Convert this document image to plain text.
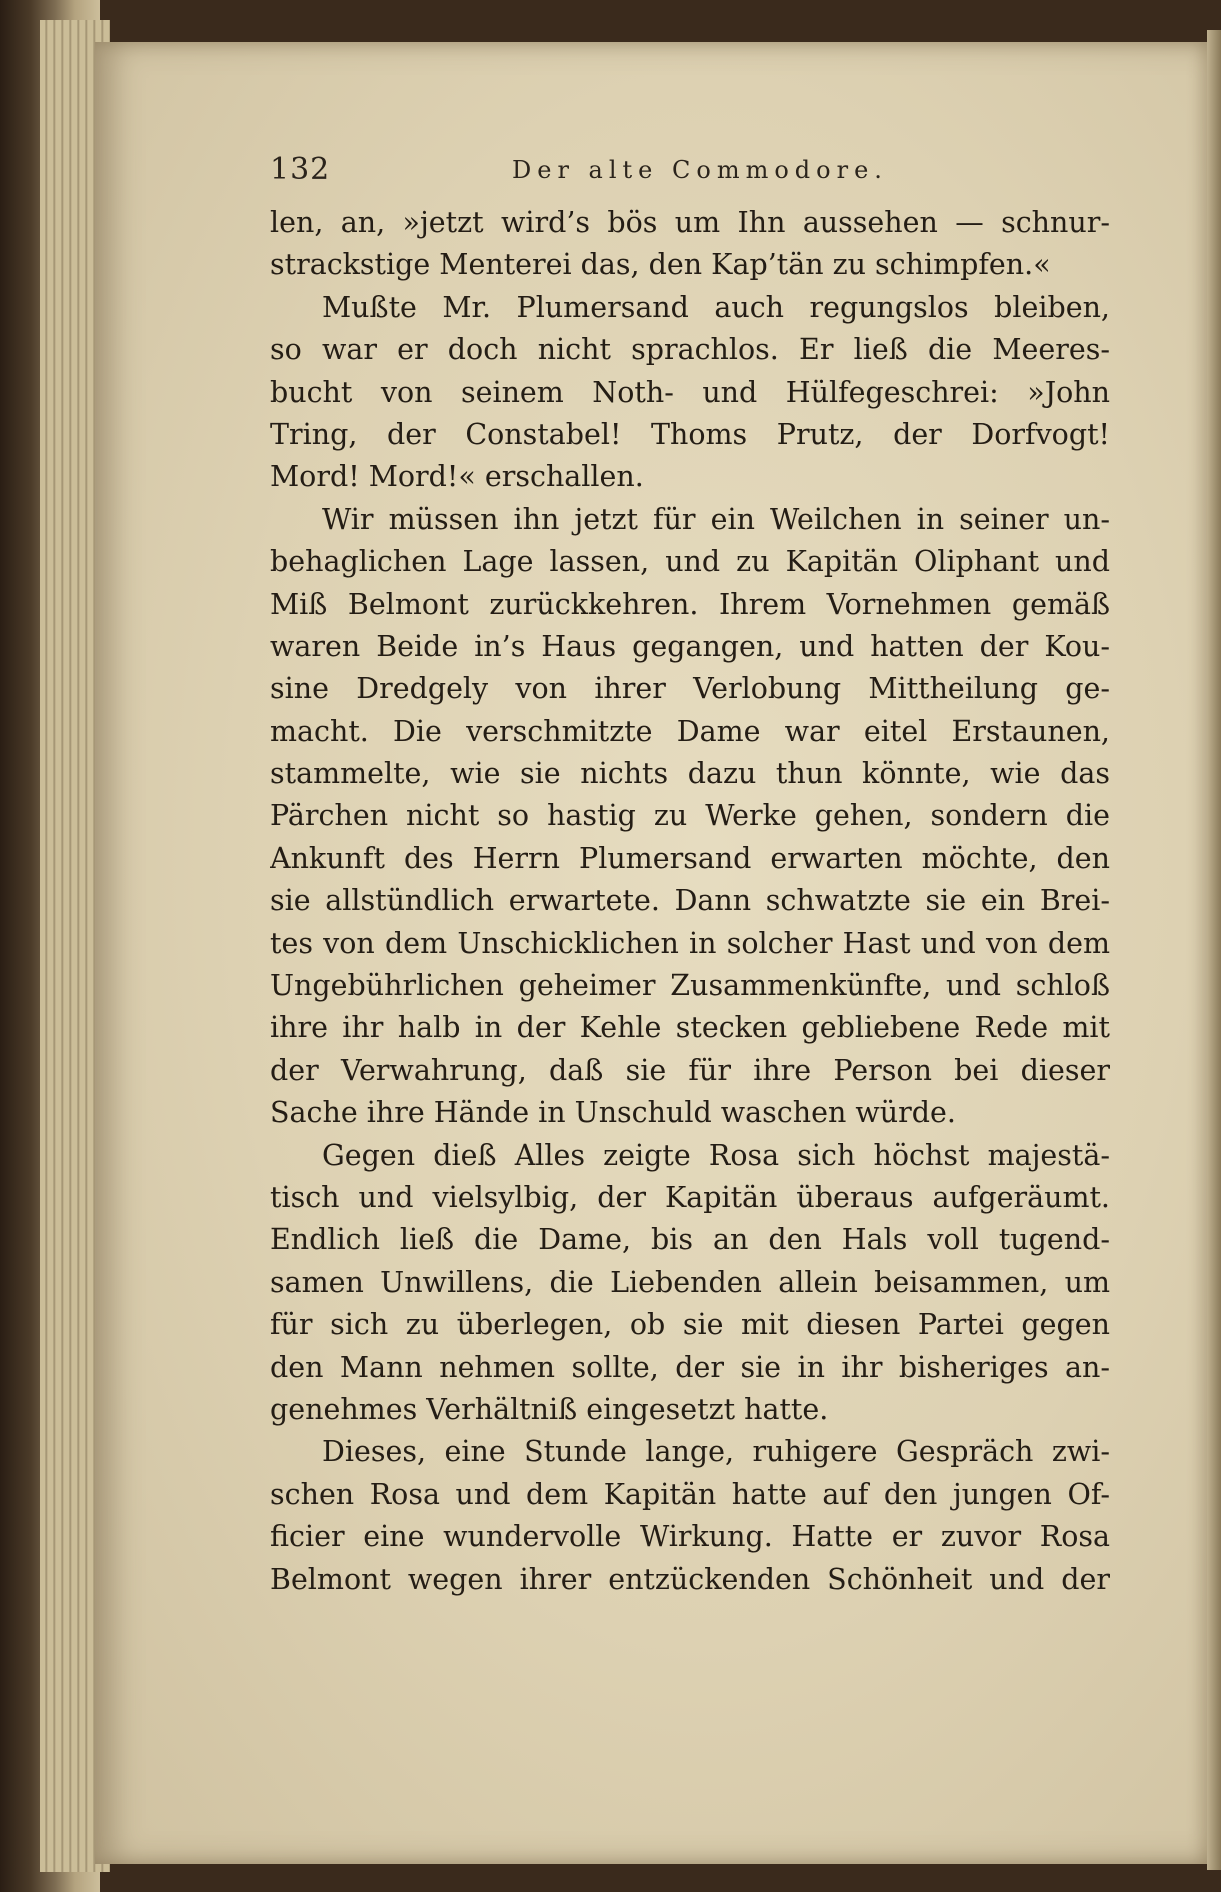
132	Der alte Commodore.
len, an, »jetzt wird’s bös um Ihn aussehen — schnur-
strackstige Menterei das, den Kap’tän zu schimpfen.«
Mußte Mr. Plumersand auch regungslos bleiben,
so war er doch nicht sprachlos. Er ließ die Meeres-
bucht von seinem Noth- und Hülfegeschrei: »John
Tring, der Constabel! Thoms Prutz, der Dorfvogt!
Mord! Mord!« erschallen.
Wir müssen ihn jetzt für ein Weilchen in seiner un-
behaglichen Lage lassen, und zu Kapitän Oliphant und
Miß Belmont zurückkehren. Ihrem Vornehmen gemäß
waren Beide in’s Haus gegangen, und hatten der Kou-
sine Dredgely von ihrer Verlobung Mittheilung ge-
macht. Die verschmitzte Dame war eitel Erstaunen,
stammelte, wie sie nichts dazu thun könnte, wie das
Pärchen nicht so hastig zu Werke gehen, sondern die
Ankunft des Herrn Plumersand erwarten möchte, den
sie allstündlich erwartete. Dann schwatzte sie ein Brei-
tes von dem Unschicklichen in solcher Hast und von dem
Ungebührlichen geheimer Zusammenkünfte, und schloß
ihre ihr halb in der Kehle stecken gebliebene Rede mit
der Verwahrung, daß sie für ihre Person bei dieser
Sache ihre Hände in Unschuld waschen würde.
Gegen dieß Alles zeigte Rosa sich höchst majestä-
tisch und vielsylbig, der Kapitän überaus aufgeräumt.
Endlich ließ die Dame, bis an den Hals voll tugend-
samen Unwillens, die Liebenden allein beisammen, um
für sich zu überlegen, ob sie mit diesen Partei gegen
den Mann nehmen sollte, der sie in ihr bisheriges an-
genehmes Verhältniß eingesetzt hatte.
Dieses, eine Stunde lange, ruhigere Gespräch zwi-
schen Rosa und dem Kapitän hatte auf den jungen Of-
ficier eine wundervolle Wirkung. Hatte er zuvor Rosa
Belmont wegen ihrer entzückenden Schönheit und der
